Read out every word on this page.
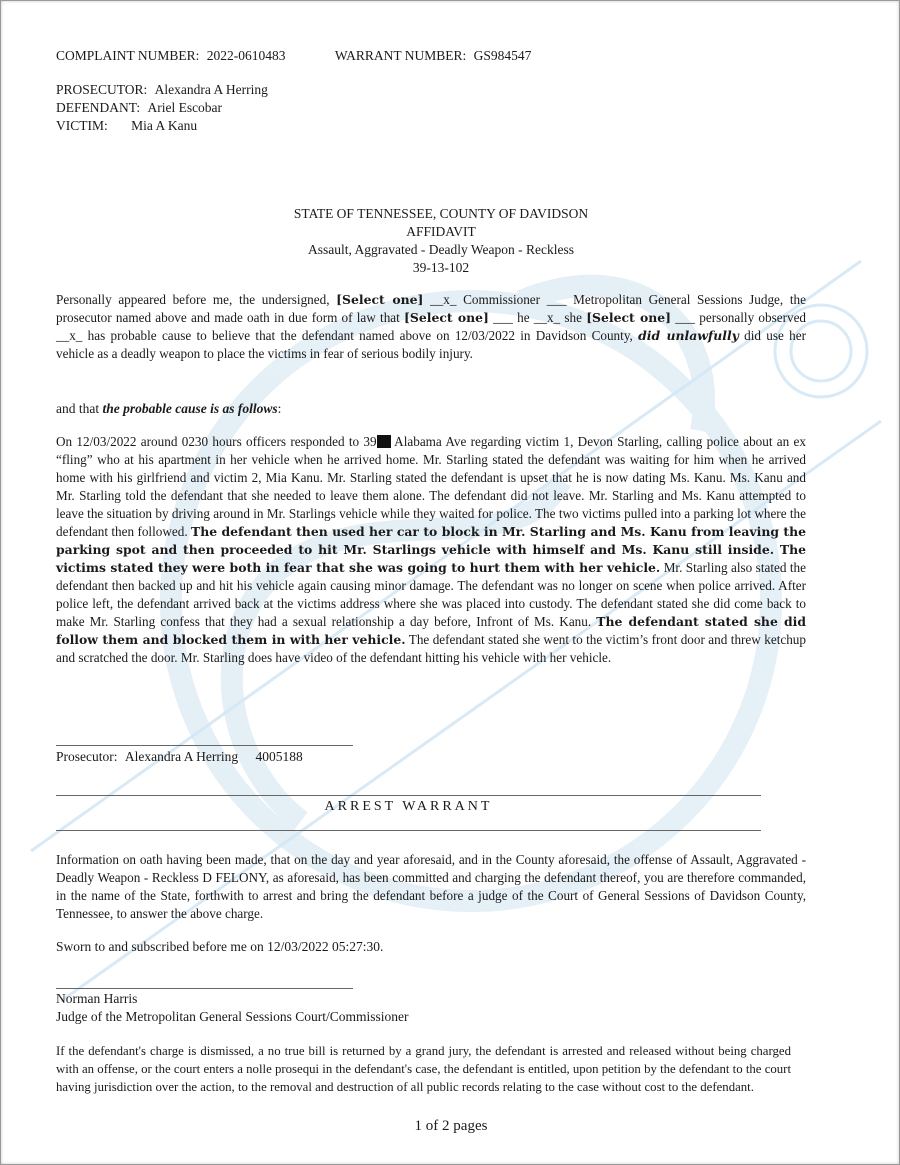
COMPLAINT NUMBER: 2022-0610483	WARRANT NUMBER: GS984547
PROSECUTOR: Alexandra A Herring
DEFENDANT: Ariel Escobar
VICTIM: Mia A Kanu
STATE OF TENNESSEE, COUNTY OF DAVIDSON
AFFIDAVIT
Assault, Aggravated - Deadly Weapon - Reckless
39-13-102
Personally appeared before me, the undersigned, [Select one] __x_ Commissioner ___ Metropolitan General Sessions Judge, the prosecutor named above and made oath in due form of law that [Select one] ___ he __x_ she [Select one] ___ personally observed __x_ has probable cause to believe that the defendant named above on 12/03/2022 in Davidson County, did unlawfully did use her vehicle as a deadly weapon to place the victims in fear of serious bodily injury.
and that the probable cause is as follows:
On 12/03/2022 around 0230 hours officers responded to 39 Alabama Ave regarding victim 1, Devon Starling, calling police about an ex “fling” who at his apartment in her vehicle when he arrived home. Mr. Starling stated the defendant was waiting for him when he arrived home with his girlfriend and victim 2, Mia Kanu. Mr. Starling stated the defendant is upset that he is now dating Ms. Kanu. Ms. Kanu and Mr. Starling told the defendant that she needed to leave them alone. The defendant did not leave. Mr. Starling and Ms. Kanu attempted to leave the situation by driving around in Mr. Starlings vehicle while they waited for police. The two victims pulled into a parking lot where the defendant then followed. The defendant then used her car to block in Mr. Starling and Ms. Kanu from leaving the parking spot and then proceeded to hit Mr. Starlings vehicle with himself and Ms. Kanu still inside. The victims stated they were both in fear that she was going to hurt them with her vehicle. Mr. Starling also stated the defendant then backed up and hit his vehicle again causing minor damage. The defendant was no longer on scene when police arrived. After police left, the defendant arrived back at the victims address where she was placed into custody. The defendant stated she did come back to make Mr. Starling confess that they had a sexual relationship a day before, Infront of Ms. Kanu. The defendant stated she did follow them and blocked them in with her vehicle. The defendant stated she went to the victim’s front door and threw ketchup and scratched the door. Mr. Starling does have video of the defendant hitting his vehicle with her vehicle.
Prosecutor: Alexandra A Herring 4005188
ARREST WARRANT
Information on oath having been made, that on the day and year aforesaid, and in the County aforesaid, the offense of Assault, Aggravated - Deadly Weapon - Reckless D FELONY, as aforesaid, has been committed and charging the defendant thereof, you are therefore commanded, in the name of the State, forthwith to arrest and bring the defendant before a judge of the Court of General Sessions of Davidson County, Tennessee, to answer the above charge.
Sworn to and subscribed before me on 12/03/2022 05:27:30.
Norman Harris
Judge of the Metropolitan General Sessions Court/Commissioner
If the defendant's charge is dismissed, a no true bill is returned by a grand jury, the defendant is arrested and released without being charged with an offense, or the court enters a nolle prosequi in the defendant's case, the defendant is entitled, upon petition by the defendant to the court having jurisdiction over the action, to the removal and destruction of all public records relating to the case without cost to the defendant.
1 of 2 pages
